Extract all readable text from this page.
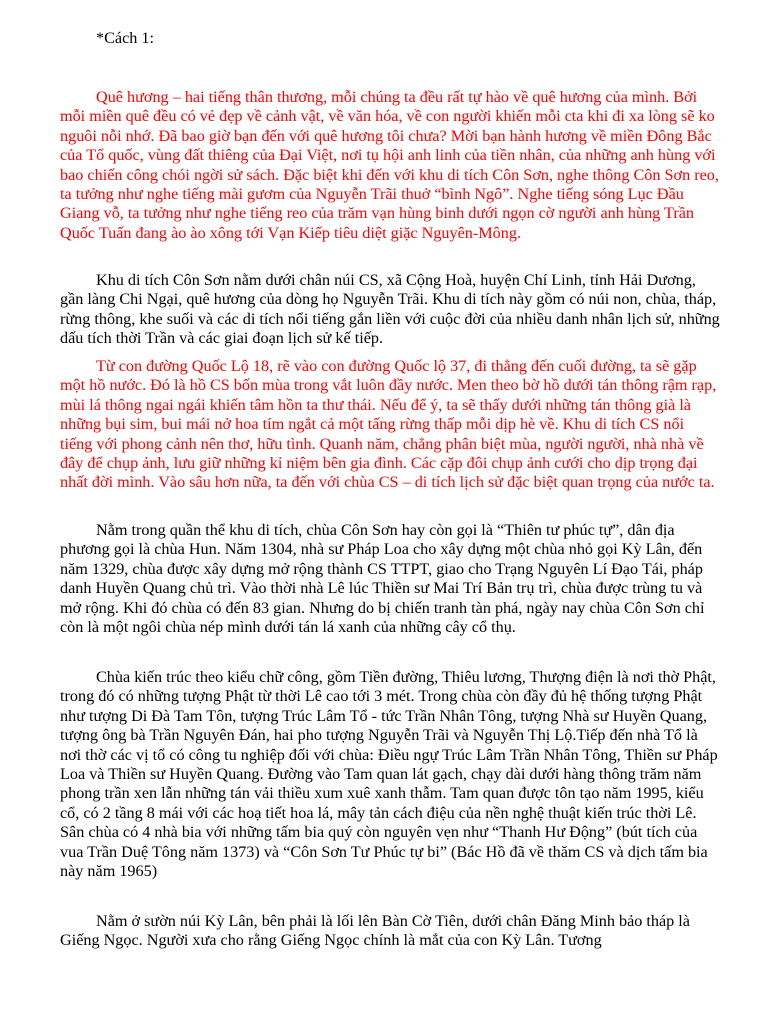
*Cách 1:

Quê hương – hai tiếng thân thương, mỗi chúng ta đều rất tự hào về quê hương của mình. Bởi mỗi miền quê đều có vẻ đẹp về cảnh vật, về văn hóa, về con người khiến mỗi cta khi đi xa lòng sẽ ko nguôi nỗi nhớ. Đã bao giờ bạn đến với quê hương tôi chưa? Mời bạn hành hương về miền Đông Bắc của Tổ quốc, vùng đất thiêng của Đại Việt, nơi tụ hội anh linh của tiền nhân, của những anh hùng với bao chiến công chói ngời sử sách. Đặc biệt khi đến với khu di tích Côn Sơn, nghe thông Côn Sơn reo, ta tưởng như nghe tiếng mài gươm của Nguyễn Trãi thuở “bình Ngô”. Nghe tiếng sóng Lục Đầu Giang vỗ, ta tưởng như nghe tiếng reo của trăm vạn hùng binh dưới ngọn cờ người anh hùng Trần Quốc Tuấn đang ào ào xông tới Vạn Kiếp tiêu diệt giặc Nguyên-Mông.

Khu di tích Côn Sơn nằm dưới chân núi CS, xã Cộng Hoà, huyện Chí Linh, tỉnh Hải Dương, gần làng Chi Ngại, quê hương của dòng họ Nguyễn Trãi. Khu di tích này gồm có núi non, chùa, tháp, rừng thông, khe suối và các di tích nổi tiếng gắn liền với cuộc đời của nhiều danh nhân lịch sử, những dấu tích thời Trần và các giai đoạn lịch sử kế tiếp.

Từ con đường Quốc Lộ 18, rẽ vào con đường Quốc lộ 37, đi thẳng đến cuối đường, ta sẽ gặp một hồ nước. Đó là hồ CS bốn mùa trong vắt luôn đầy nước. Men theo bờ hồ dưới tán thông rậm rạp, mùi lá thông ngai ngái khiến tâm hồn ta thư thái. Nếu để ý, ta sẽ thấy dưới những tán thông già là những bụi sim, bui mái nở hoa tím ngắt cả một tấng rừng thấp mỗi dịp hè về. Khu di tích CS nổi tiếng với phong cảnh nên thơ, hữu tình. Quanh năm, chẳng phân biệt mùa, người người, nhà nhà về đây để chụp ảnh, lưu giữ những kỉ niệm bên gia đình. Các cặp đôi chụp ảnh cưới cho dịp trọng đại nhất đời mình. Vào sâu hơn nữa, ta đến với chùa CS – di tích lịch sử đặc biệt quan trọng của nước ta.

Nằm trong quần thể khu di tích, chùa Côn Sơn hay còn gọi là “Thiên tư phúc tự”, dân địa phương gọi là chùa Hun. Năm 1304, nhà sư Pháp Loa cho xây dựng một chùa nhỏ gọi Kỳ Lân, đến năm 1329, chùa được xây dựng mở rộng thành CS TTPT, giao cho Trạng Nguyên Lí Đạo Tái, pháp danh Huyền Quang chủ trì. Vào thời nhà Lê lúc Thiền sư Mai Trí Bản trụ trì, chùa được trùng tu và mở rộng. Khi đó chùa có đến 83 gian. Nhưng do bị chiến tranh tàn phá, ngày nay chùa Côn Sơn chỉ còn là một ngôi chùa nép mình dưới tán lá xanh của những cây cổ thụ.

Chùa kiến trúc theo kiểu chữ công, gồm Tiền đường, Thiêu lương, Thượng điện là nơi thờ Phật, trong đó có những tượng Phật từ thời Lê cao tới 3 mét. Trong chùa còn đầy đủ hệ thống tượng Phật như tượng Di Đà Tam Tôn, tượng Trúc Lâm Tổ - tức Trần Nhân Tông, tượng Nhà sư Huyền Quang, tượng ông bà Trần Nguyên Đán, hai pho tượng Nguyễn Trãi và Nguyễn Thị Lộ.Tiếp đến nhà Tổ là nơi thờ các vị tổ có công tu nghiệp đối với chùa: Điều ngự Trúc Lâm Trần Nhân Tông, Thiền sư Pháp Loa và Thiền sư Huyền Quang. Đường vào Tam quan lát gạch, chạy dài dưới hàng thông trăm năm phong trần xen lẫn những tán vải thiều xum xuê xanh thẫm. Tam quan được tôn tạo năm 1995, kiểu cổ, có 2 tầng 8 mái với các hoạ tiết hoa lá, mây tản cách điệu của nền nghệ thuật kiến trúc thời Lê. Sân chùa có 4 nhà bia với những tấm bia quý còn nguyên vẹn như “Thanh Hư Động” (bút tích của vua Trần Duệ Tông năm 1373) và “Côn Sơn Tư Phúc tự bi” (Bác Hồ đã về thăm CS và dịch tấm bia này năm 1965)

Nằm ở sườn núi Kỳ Lân, bên phải là lối lên Bàn Cờ Tiên, dưới chân Đăng Minh bảo tháp là Giếng Ngọc. Người xưa cho rằng Giếng Ngọc chính là mắt của con Kỳ Lân. Tương
